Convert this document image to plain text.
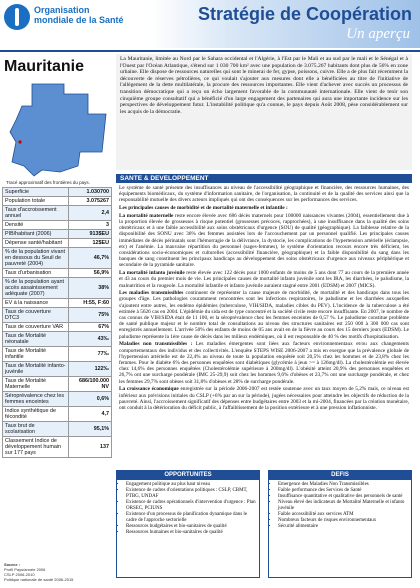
Organisation
mondiale de la Santé	Stratégie de Coopération
Un aperçu
Mauritanie
Tracé approximatif des frontières du pays.
Superficie	1.030700
Population totale	3.075267
Taux d'accroissement annuel	2,4
Densité	3
PIB/habitant (2006)	913$EU
Dépense santé/habitant	12$EU
% de la population vivant en dessous du Seuil de pauvreté (2004)	46,7%
Taux d'urbanisation	56,9%
% de la population ayant accès assainissement adéquate (2007)	38%
EV à la naissance	H:55, F:60
Taux de couverture DTC3	75%
Taux de couverture VAR	67%
Taux de Mortalité néonatale	43‰
Taux de Mortalité infantile	77‰
Taux de Mortalité infanto-juvénile	122‰
Taux de Mortalité Maternelle	686/100.000 NV
Séroprévalence chez les femmes enceintes	0,6%
Indice synthétique de fécondité	4,7
Taux brut de scolarisation	95,1%
Classement Indice de développement humain sur 177 pays	137
Source :
Profil Pays/année 2006
CSLP 2006-2010
Politique nationale de santé 2006-2015
La Mauritanie, limitée au Nord par le Sahara occidental et l'Algérie, à l'Est par le Mali et au sud par le mali et le Sénégal et à l'Ouest par l'Océan Atlantique, s'étend sur 1 030 700 km² avec une population de 3.075.267 habitants dont plus de 56% en zone urbaine. Elle dispose de ressources naturelles qui sont le minerai de fer, gypse, poissons, cuivre. Elle a de plus fait récemment la découverte de réserves pétrolières, ce qui voulait s'ajouter aux mesures dont elle a bénéficiées au titre de l'initiative de l'allègement de la dette multilatérale, la procure des ressources importantes. Elle vient d'achever avec succès un processus de transition démocratique qui a reçu un écho largement favorable de la communauté internationale. Elle vient de tenir son cinquième groupe consultatif qui a bénéficié d'un large engagement des partenaires qui aura une importante incidence sur les perspectives de développement futur. L'instabilité politique qu'a connue, le pays depuis Août 2008, pèse considérablement sur les acquis de la démocratie.
SANTE & DEVELOPPEMENT

Le système de santé présente des insuffisances au niveau de l'accessibilité géographique et financière, des ressources humaines, des équipements biomédicaux, du système d'information sanitaire, de l'organisation, la continuité et de la qualité des services ainsi que la responsabilité mutuelle des divers acteurs impliqués qui ont des conséquences sur les performances des services.

Les principales causes de morbidité et de mortalité maternelle et infantile :

La mortalité maternelle reste encore élevée avec 686 décès maternels pour 100000 naissances vivantes (2004), essentiellement due à la proportion élevée de grossesses à risque potentiel (grossesses précoces, rapprochées), à une insuffisance dans la qualité des soins obstétricaux et à une faible accessibilité aux soins obstétricaux d'urgence (SOU) de qualité (géographique). La faiblesse relative de la disponibilité des SONU avec 36% des femmes assistées lors de l'accouchement par un personnel qualifié. Les principales causes immédiates de décès périnatals sont l'hémorragie de la délivrance, la dystocie, les complications de l'hypertension artérielle (éclampsie, etc) et l'anémie. La mauvaise répartition du personnel (sages-femmes), le système d'orientation recours encore très déficient, les considérations socio-économiques et culturelles (accessibilité financière, géographique) et la faible disponibilité du sang dans les banques de sang constituent les principaux handicaps au développement des soins obstétricaux d'urgence aux niveaux périphérique et secondaire de la pyramide sanitaire.

La mortalité infanto juvénile reste élevée avec 122 décès pour 1000 enfants de moins de 5 ans dont 77 au cours de la première année et 43 au cours du premier mois de vie. Les principales causes de mortalité infanto juvénile sont les IRA, les diarrhées, le paludisme, la malnutrition et la rougeole. La mortalité infantile et infanto juvénile auraient stagné entre 2001 (EDSM) et 2007 (MICS).

Les maladies transmissibles continuent de représenter la cause majeure de morbidité, de mortalité et des handicaps dans tous les groupes d'âge. Les pathologies couramment rencontrées sont les infections respiratoires, le paludisme et les diarrhées auxquelles s'ajoutent entre autres, les endémo épidémies (tuberculose, VIH/SIDA, maladies cibles du PEV). L'incidence de la tuberculose a été estimée à 5626 cas en 2004. L'épidémie du sida est de type concentré et la société civile reste encore insuffisante. En 2007, le nombre de cas connus de VIH/SIDA était de 11 100, et la séroprévalence chez les femmes enceintes de 0,57 %. Le paludisme constitue problème de santé publique majeur et le nombre total de consultations au niveau des structures sanitaires est 250 000 à 300 000 cas sont enregistrés annuellement. L'arrivée 50% des enfants de moins de 05 ans avait en de la fièvre au cours des 15 derniers jours (EDSM). Le paludisme représente la 1ère cause de décès dans les milieux endémiques, où il est responsable de 40 % des motifs d'hospitalisation.

Maladies non transmissibles : Les maladies émergentes sont liées aux facteurs environnementaux et/ou aux changements comportementaux des individus et des collectivités. L'enquête STEPS WISE 2006-2007 a mis en exergue que la prévalence globale de l'hypertension artérielle est de 22,4% au niveau de toute la population enquêtée soit 20,5% chez les hommes et de 23,8% chez les femmes. Pour le diabète 6% des personnes enquêtées sont diabétiques (glycémie à jeun >= à 126mg/dl). La cholestérolémie est élevée chez 14,6% des personnes enquêtées (Cholestérolémie supérieure à 200mg/dl). L'obésité atteint 20,9% des personnes enquêtées et 26,7% ont une surcharge pondérale (IMC 25-29,9) soit chez les hommes 9,6% d'obèses et 23,7% ont une surcharge pondérale, et chez les femmes 29,7% sont obèses soit 31,8% d'obèses et 28% de surcharge pondérale.

La croissance économique enregistrée sur la période 2006-2007 est restée soutenue avec un taux moyen de 5,2% mais, ce niveau est inférieur aux prévisions initiales du CSLP (+6% par an sur la période), jugées nécessaires pour atteindre les objectifs de réduction de la pauvreté. Ainsi, l'accroissement significatif des dépenses entre budgétaires entre 2003 et la mi-2004, financées par la création monétaire, ont conduit à la détérioration du déficit public, à l'affaiblissement de la position extérieure et à une pression inflationniste.

OPPORTUNITES
• Engagement politique au plus haut niveau
• Existence de cadres d'orientations politiques : CSLP, CBMT, PTBG, UNDAF
• Existence de cadres opérationnels d'intervention d'urgence : Plan ORSEC, PCIUNS
• Existence d'un processus de planification dynamique dans le cadre de l'approche sectorielle
• Ressources budgétaires et bio-sanitaires de qualité
• Ressources humaines et bio-sanitaires de qualité
DEFIS
• Emergence des Maladies Non Transmissibles
• Faible performance des Services de Santé
• Insuffisance quantitative et qualitative des personnels de santé
• Niveau élevé des indicateurs de Mortalité Maternelle et infanto juvénile
• Faible accessibilité aux services ATM
• Nombreux facteurs de risques environnementaux
• Sécurité alimentaire
